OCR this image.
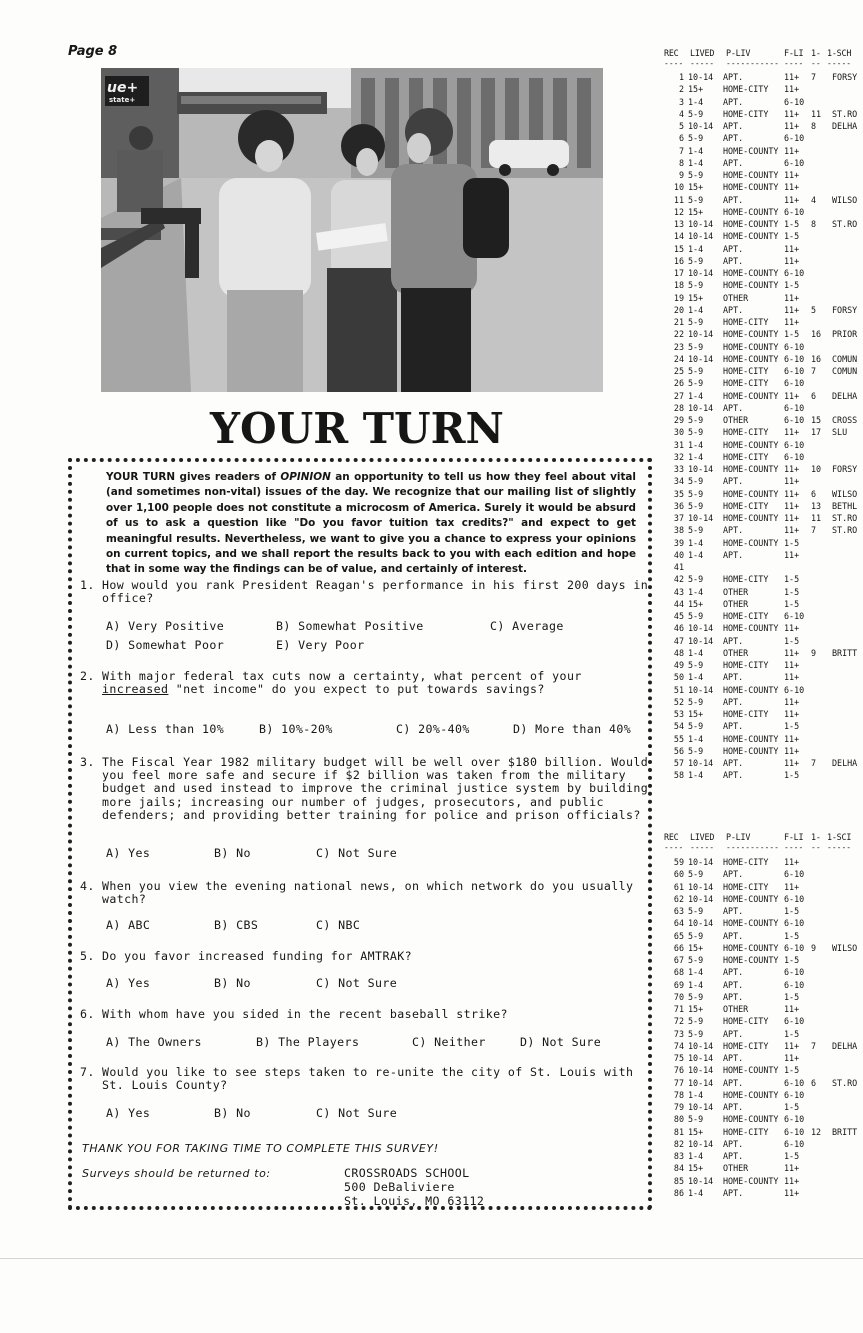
Page 8
ue+
state+
YOUR TURN

YOUR TURN gives readers of OPINION an opportunity to tell us how they feel about vital (and sometimes non-vital) issues of the day. We recognize that our mailing list of slightly over 1,100 people does not constitute a microcosm of America. Surely it would be absurd of us to ask a question like "Do you favor tuition tax credits?" and expect to get meaningful results. Nevertheless, we want to give you a chance to express your opinions on current topics, and we shall report the results back to you with each edition and hope that in some way the findings can be of value, and certainly of interest.

1. How would you rank President Reagan's performance in his first 200 days in office?
A) Very Positive	B) Somewhat Positive	C) Average
D) Somewhat Poor	E) Very Poor
2. With major federal tax cuts now a certainty, what percent of your increased "net income" do you expect to put towards savings?
A) Less than 10%	B) 10%-20%	C) 20%-40%	D) More than 40%
3. The Fiscal Year 1982 military budget will be well over $180 billion. Would you feel more safe and secure if $2 billion was taken from the military budget and used instead to improve the criminal justice system by building more jails; increasing our number of judges, prosecutors, and public defenders; and providing better training for police and prison officials?
A) Yes	B) No	C) Not Sure
4. When you view the evening national news, on which network do you usually watch?
A) ABC	B) CBS	C) NBC
5. Do you favor increased funding for AMTRAK?
A) Yes	B) No	C) Not Sure
6. With whom have you sided in the recent baseball strike?
A) The Owners	B) The Players	C) Neither	D) Not Sure
7. Would you like to see steps taken to re-unite the city of St. Louis with St. Louis County?
A) Yes	B) No	C) Not Sure
THANK YOU FOR TAKING TIME TO COMPLETE THIS SURVEY!
Surveys should be returned to:	CROSSROADS SCHOOL
500 DeBaliviere
St. Louis, MO 63112
REC LIVED P-LIV	F-LI 1- 1-SCH
---- ----- ----------- ---- -- -----
1 10-14 APT.	11+ 7 FORSY
2 15+ HOME-CITY 11+
3 1-4 APT.	6-10
4 5-9 HOME-CITY 11+ 11 ST.RO
5 10-14 APT.	11+ 8 DELHA
6 5-9 APT.	6-10
7 1-4 HOME-COUNTY 11+
8 1-4 APT.	6-10
9 5-9 HOME-COUNTY 11+
10 15+ HOME-COUNTY 11+
11 5-9 APT.	11+ 4 WILSO
12 15+ HOME-COUNTY 6-10
13 10-14 HOME-COUNTY 1-5 8 ST.RO
14 10-14 HOME-COUNTY 1-5
15 1-4 APT.	11+
16 5-9 APT.	11+
17 10-14 HOME-COUNTY 6-10
18 5-9 HOME-COUNTY 1-5
19 15+ OTHER	11+
20 1-4 APT.	11+ 5 FORSY
21 5-9 HOME-CITY 11+
22 10-14 HOME-COUNTY 1-5 16 PRIOR
23 5-9 HOME-COUNTY 6-10
24 10-14 HOME-COUNTY 6-10 16 COMUN
25 5-9 HOME-CITY 6-10 7 COMUN
26 5-9 HOME-CITY 6-10
27 1-4 HOME-COUNTY 11+ 6 DELHA
28 10-14 APT.	6-10
29 5-9 OTHER	6-10 15 CROSS
30 5-9 HOME-CITY 11+ 17 SLU
31 1-4 HOME-COUNTY 6-10
32 1-4 HOME-CITY 6-10
33 10-14 HOME-COUNTY 11+ 10 FORSY
34 5-9 APT.	11+
35 5-9 HOME-COUNTY 11+ 6 WILSO
36 5-9 HOME-CITY 11+ 13 BETHL
37 10-14 HOME-COUNTY 11+ 11 ST.RO
38 5-9 APT.	11+ 7 ST.RO
39 1-4 HOME-COUNTY 1-5
40 1-4 APT.	11+
41
42 5-9 HOME-CITY 1-5
43 1-4 OTHER	1-5
44 15+ OTHER	1-5
45 5-9 HOME-CITY 6-10
46 10-14 HOME-COUNTY 11+
47 10-14 APT.	1-5
48 1-4 OTHER	11+ 9 BRITT
49 5-9 HOME-CITY 11+
50 1-4 APT.	11+
51 10-14 HOME-COUNTY 6-10
52 5-9 APT.	11+
53 15+ HOME-CITY 11+
54 5-9 APT.	1-5
55 1-4 HOME-COUNTY 11+
56 5-9 HOME-COUNTY 11+
57 10-14 APT.	11+ 7 DELHA
58 1-4 APT.	1-5
REC LIVED P-LIV	F-LI 1- 1-SCI
---- ----- ----------- ---- -- -----
59 10-14 HOME-CITY 11+
60 5-9 APT.	6-10
61 10-14 HOME-CITY 11+
62 10-14 HOME-COUNTY 6-10
63 5-9 APT.	1-5
64 10-14 HOME-COUNTY 6-10
65 5-9 APT.	1-5
66 15+ HOME-COUNTY 6-10 9 WILSO
67 5-9 HOME-COUNTY 1-5
68 1-4 APT.	6-10
69 1-4 APT.	6-10
70 5-9 APT.	1-5
71 15+ OTHER	11+
72 5-9 HOME-CITY 6-10
73 5-9 APT.	1-5
74 10-14 HOME-CITY 11+ 7 DELHA
75 10-14 APT.	11+
76 10-14 HOME-COUNTY 1-5
77 10-14 APT.	6-10 6 ST.RO
78 1-4 HOME-COUNTY 6-10
79 10-14 APT.	1-5
80 5-9 HOME-COUNTY 6-10
81 15+ HOME-CITY 6-10 12 BRITT
82 10-14 APT.	6-10
83 1-4 APT.	1-5
84 15+ OTHER	11+
85 10-14 HOME-COUNTY 11+
86 1-4 APT.	11+
